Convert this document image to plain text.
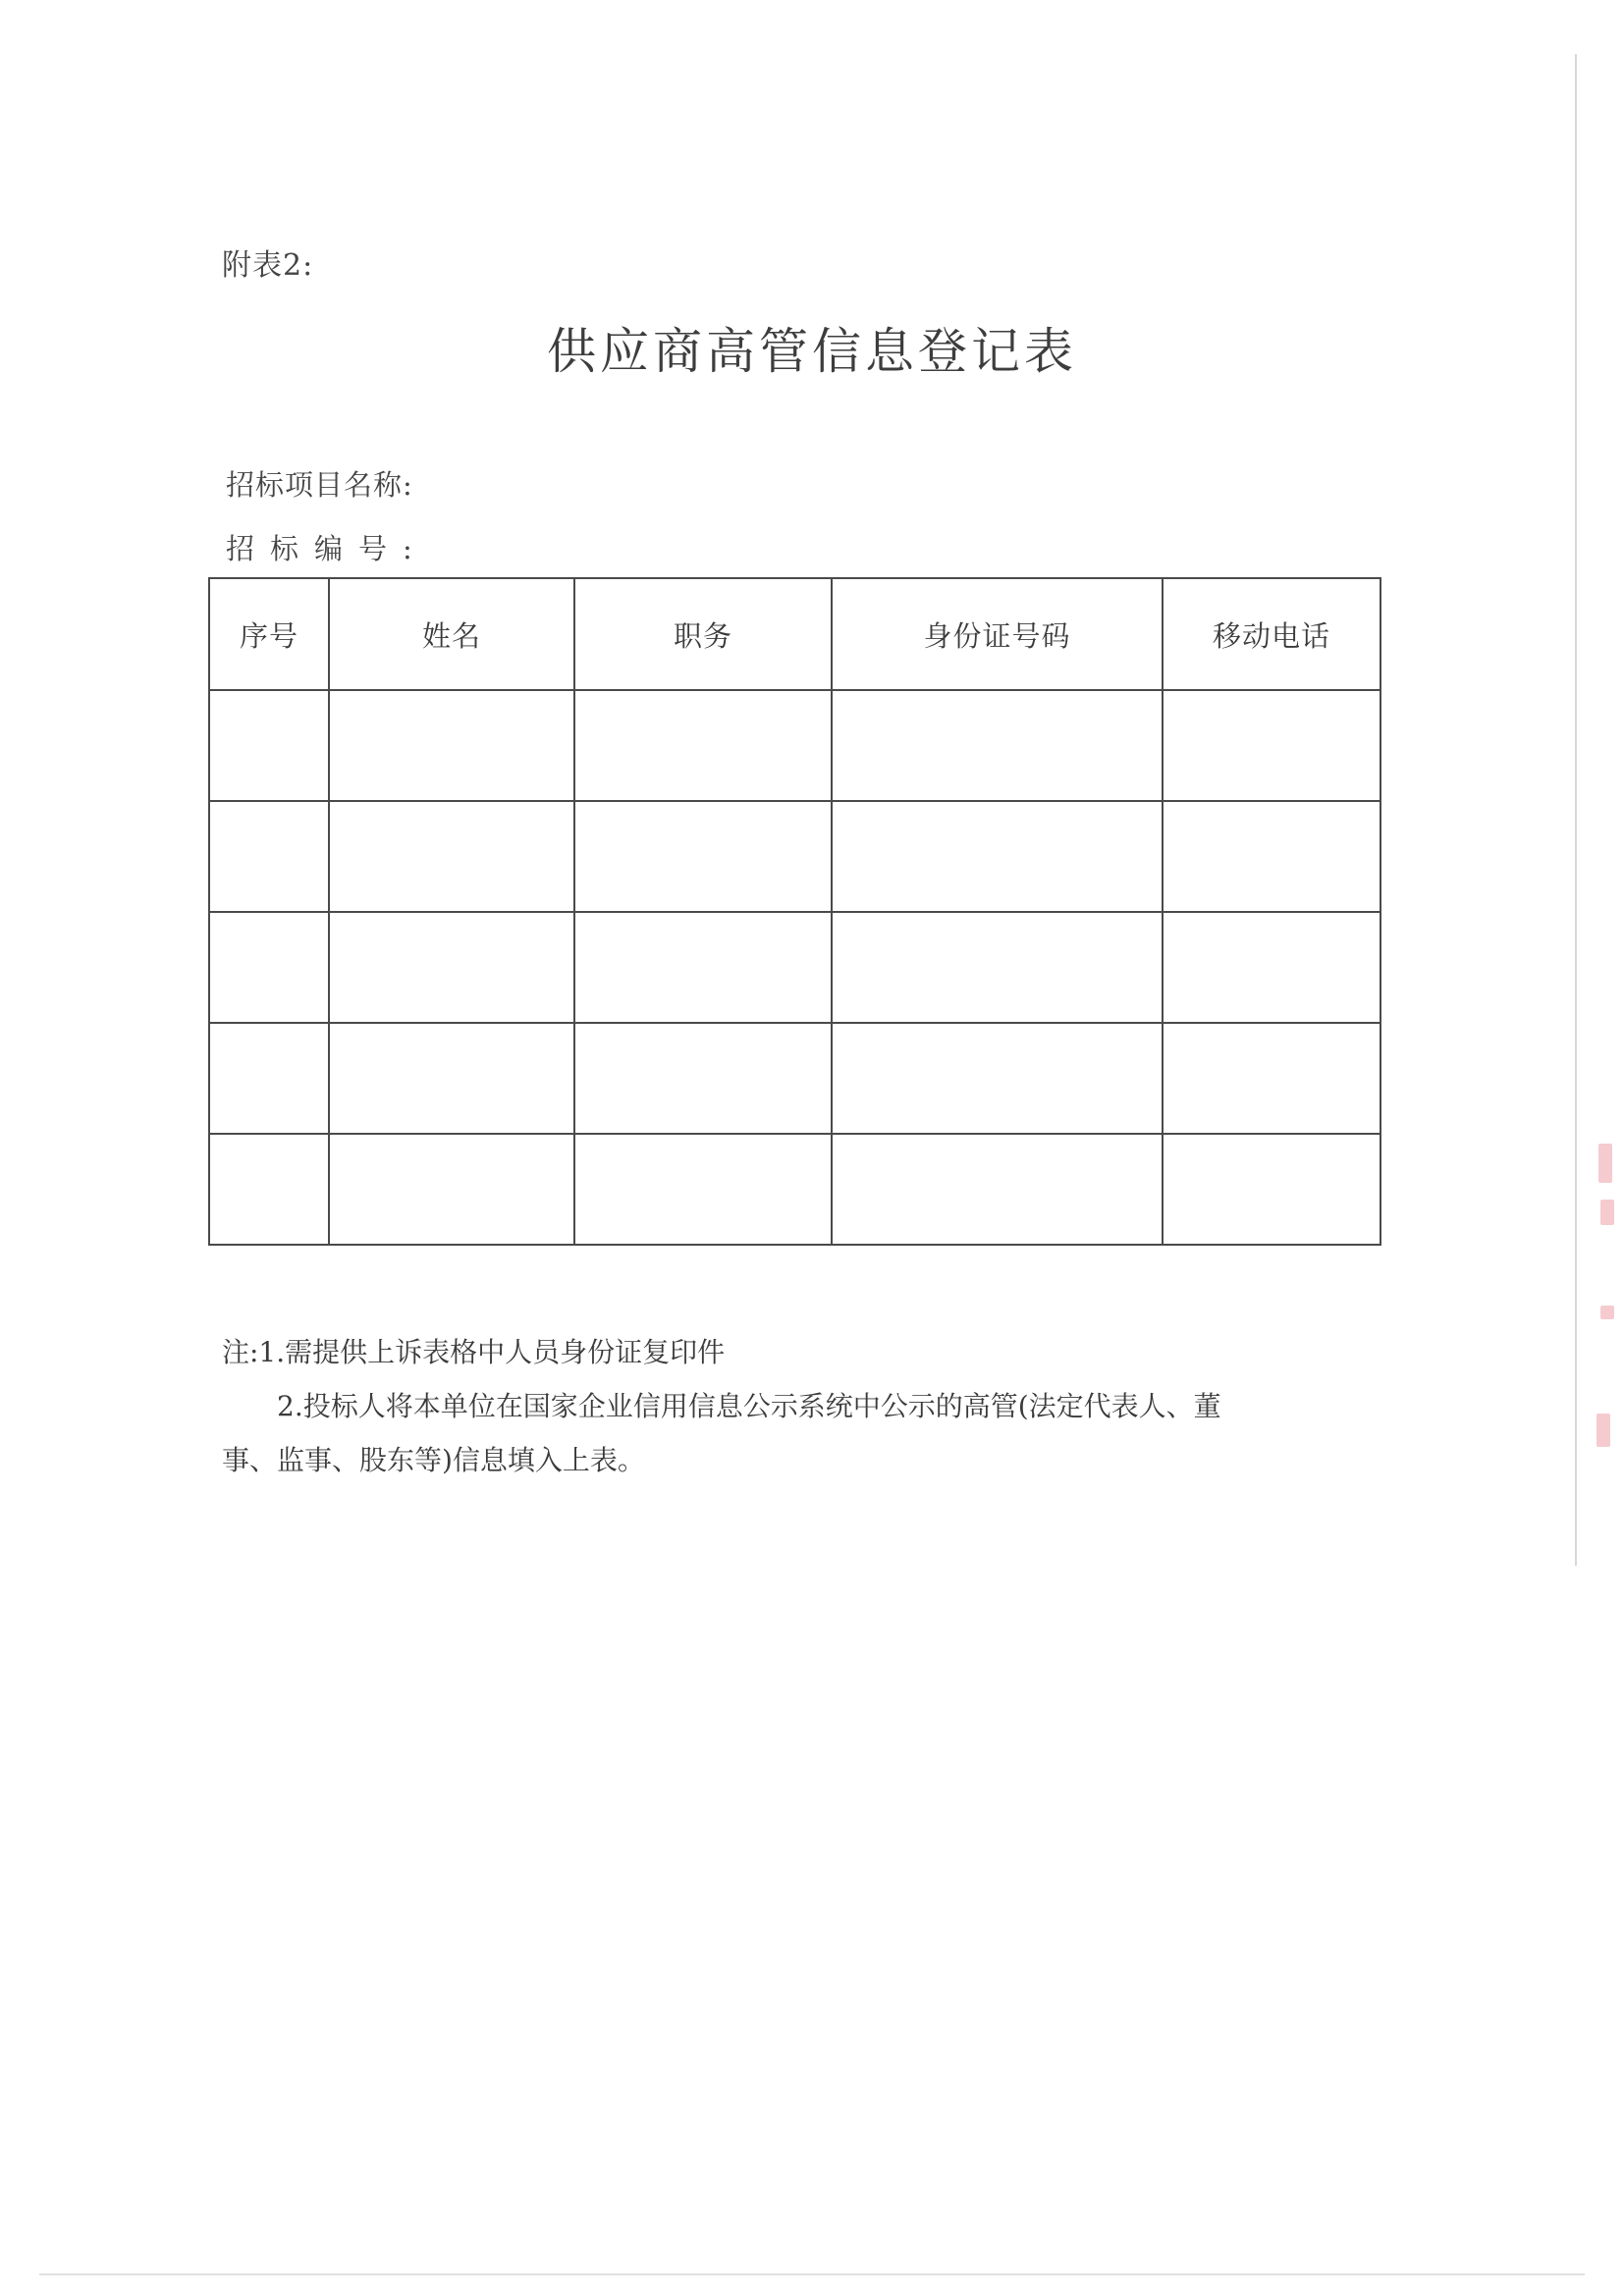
附表2:
供应商高管信息登记表
招标项目名称:
招标编号:
序号	姓名	职务	身份证号码	移动电话

注:1.需提供上诉表格中人员身份证复印件
2.投标人将本单位在国家企业信用信息公示系统中公示的高管(法定代表人、董
事、监事、股东等)信息填入上表。
